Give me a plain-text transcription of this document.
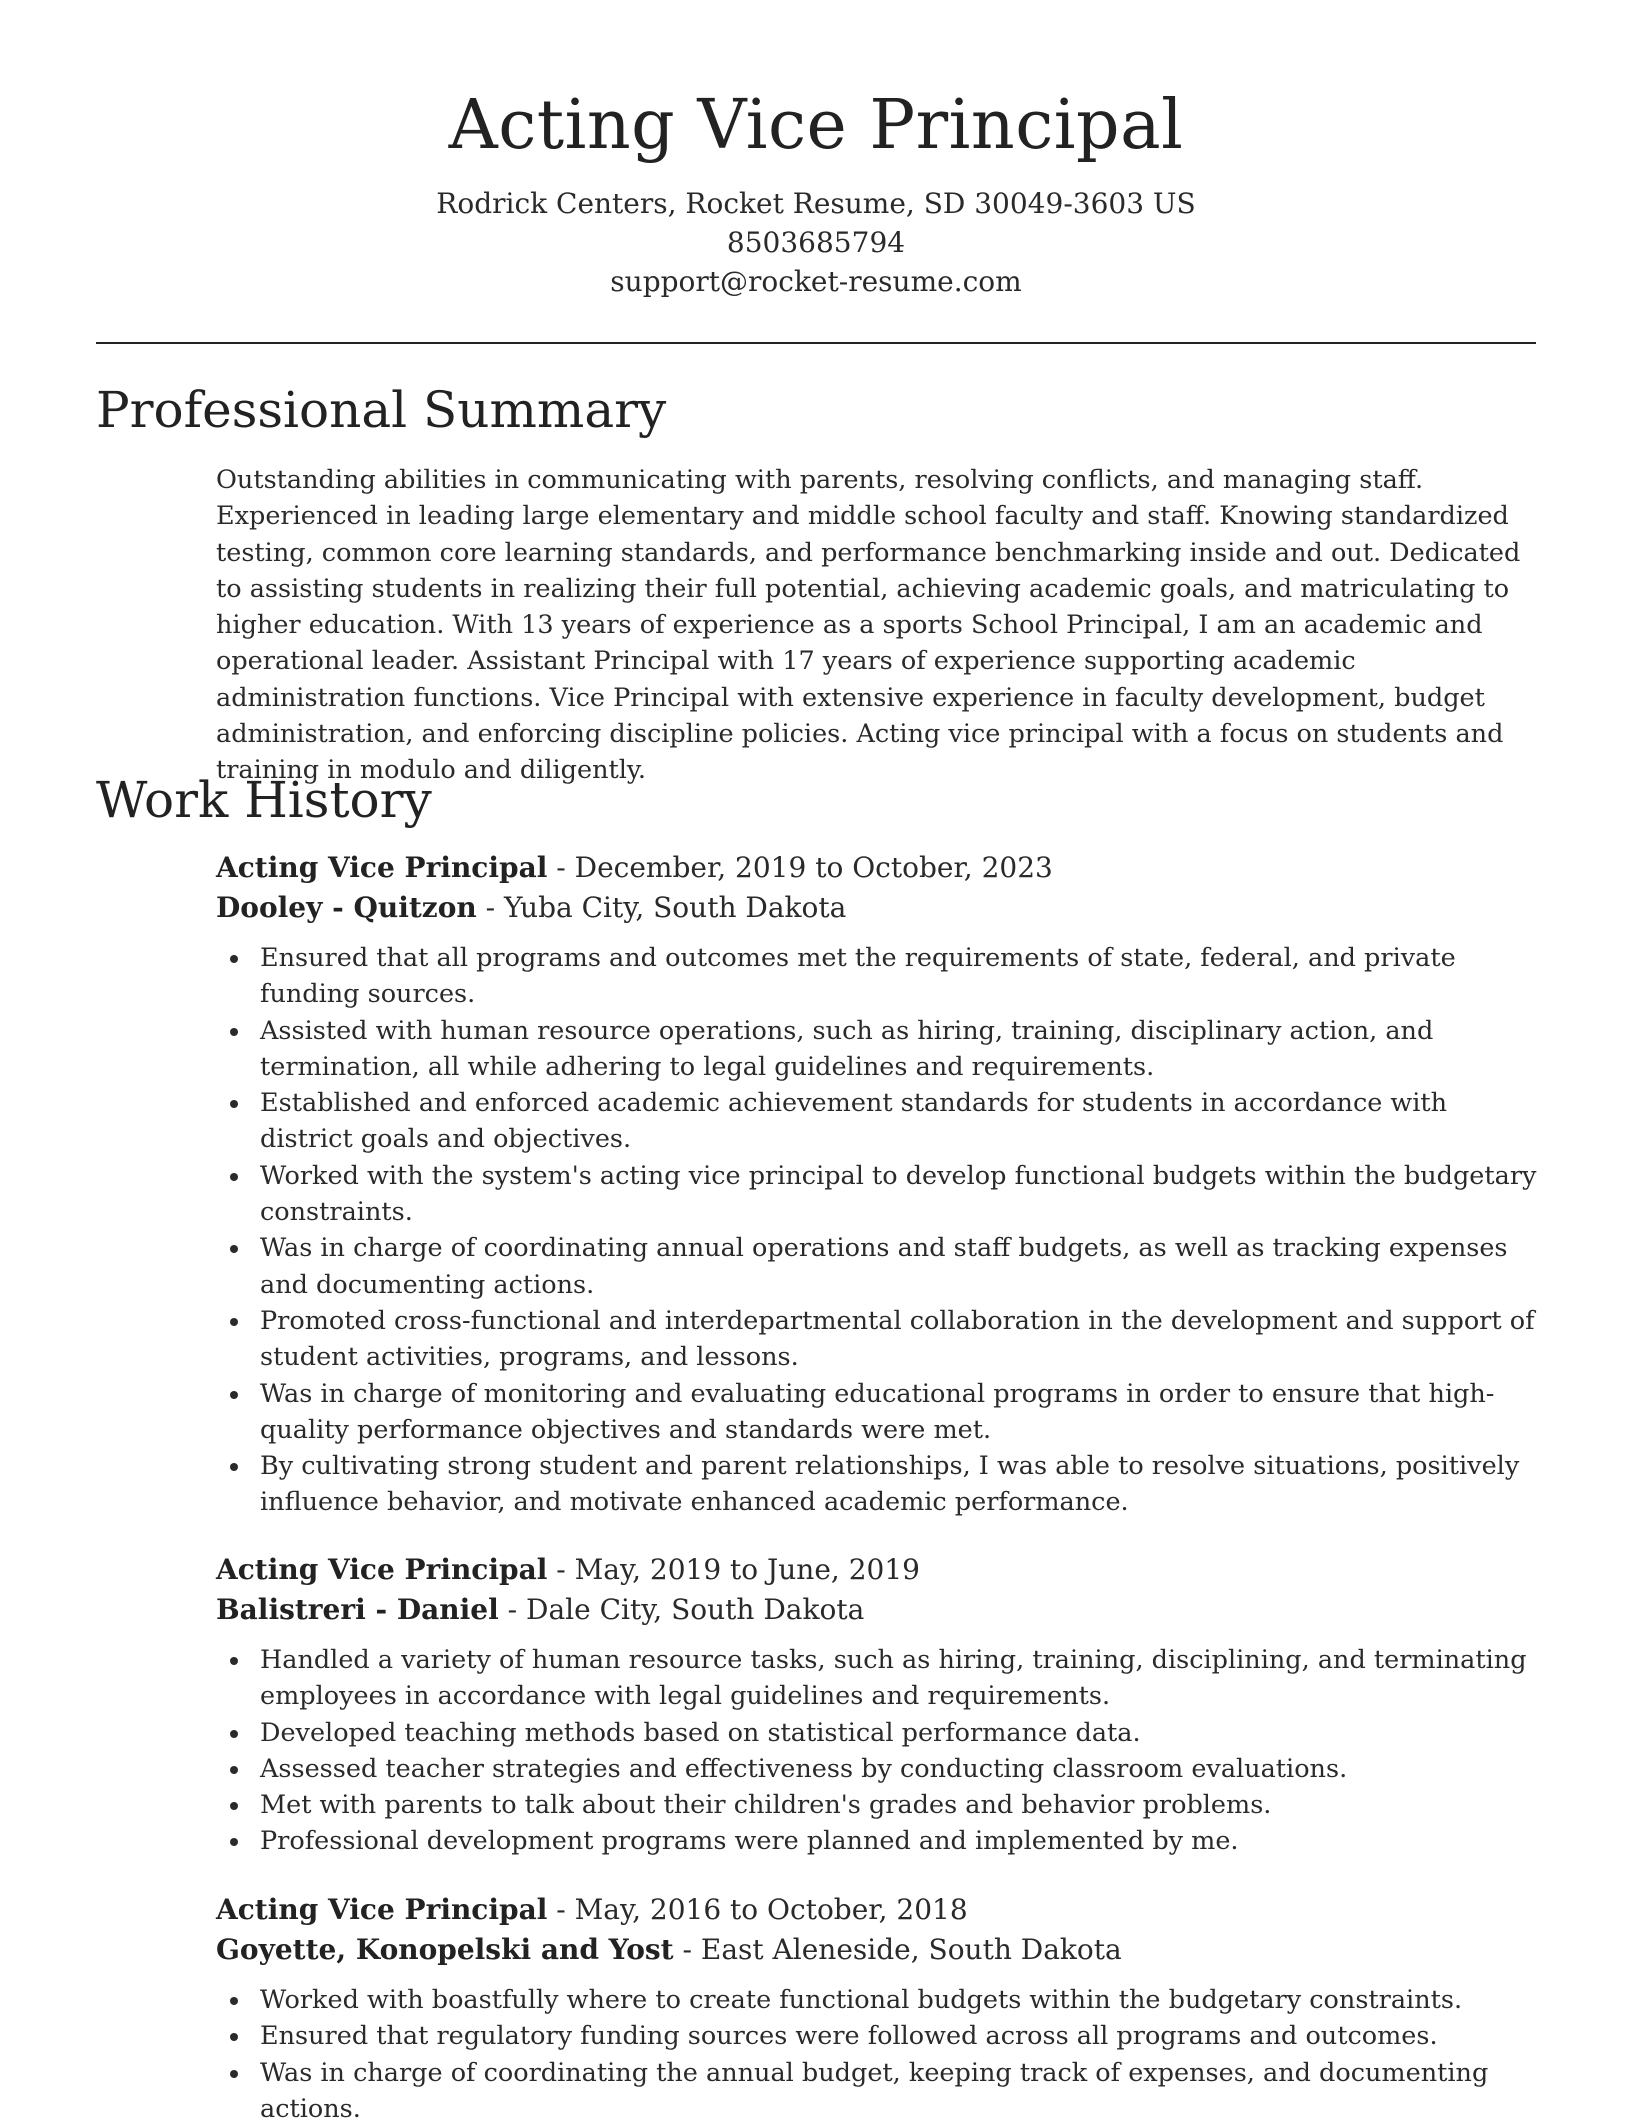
Acting Vice Principal
Rodrick Centers, Rocket Resume, SD 30049-3603 US
8503685794
support@rocket-resume.com
Professional Summary

Outstanding abilities in communicating with parents, resolving conflicts, and managing staff. Experienced in leading large elementary and middle school faculty and staff. Knowing standardized testing, common core learning standards, and performance benchmarking inside and out. Dedicated to assisting students in realizing their full potential, achieving academic goals, and matriculating to higher education. With 13 years of experience as a sports School Principal, I am an academic and operational leader. Assistant Principal with 17 years of experience supporting academic administration functions. Vice Principal with extensive experience in faculty development, budget administration, and enforcing discipline policies. Acting vice principal with a focus on students and training in modulo and diligently.

Work History
Acting Vice Principal - December, 2019 to October, 2023
Dooley - Quitzon - Yuba City, South Dakota
Ensured that all programs and outcomes met the requirements of state, federal, and private funding sources.
Assisted with human resource operations, such as hiring, training, disciplinary action, and termination, all while adhering to legal guidelines and requirements.
Established and enforced academic achievement standards for students in accordance with district goals and objectives.
Worked with the system's acting vice principal to develop functional budgets within the budgetary constraints.
Was in charge of coordinating annual operations and staff budgets, as well as tracking expenses and documenting actions.
Promoted cross-functional and interdepartmental collaboration in the development and support of student activities, programs, and lessons.
Was in charge of monitoring and evaluating educational programs in order to ensure that high-quality performance objectives and standards were met.
By cultivating strong student and parent relationships, I was able to resolve situations, positively influence behavior, and motivate enhanced academic performance.
Acting Vice Principal - May, 2019 to June, 2019
Balistreri - Daniel - Dale City, South Dakota
Handled a variety of human resource tasks, such as hiring, training, disciplining, and terminating employees in accordance with legal guidelines and requirements.
Developed teaching methods based on statistical performance data.
Assessed teacher strategies and effectiveness by conducting classroom evaluations.
Met with parents to talk about their children's grades and behavior problems.
Professional development programs were planned and implemented by me.
Acting Vice Principal - May, 2016 to October, 2018
Goyette, Konopelski and Yost - East Aleneside, South Dakota
Worked with boastfully where to create functional budgets within the budgetary constraints.
Ensured that regulatory funding sources were followed across all programs and outcomes.
Was in charge of coordinating the annual budget, keeping track of expenses, and documenting actions.
